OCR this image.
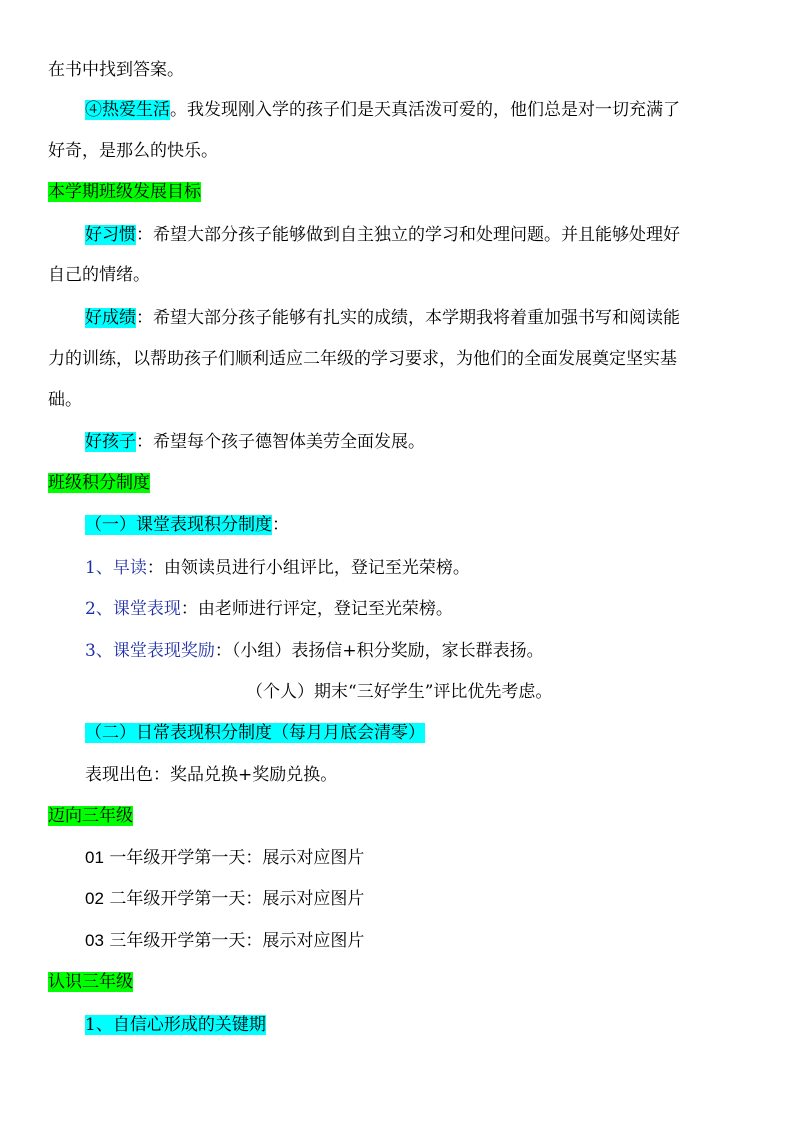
在书中找到答案。
④热爱生活。我发现刚入学的孩子们是天真活泼可爱的，他们总是对一切充满了
好奇，是那么的快乐。
本学期班级发展目标
好习惯：希望大部分孩子能够做到自主独立的学习和处理问题。并且能够处理好
自己的情绪。
好成绩：希望大部分孩子能够有扎实的成绩，本学期我将着重加强书写和阅读能
力的训练，以帮助孩子们顺利适应二年级的学习要求，为他们的全面发展奠定坚实基
础。
好孩子：希望每个孩子德智体美劳全面发展。
班级积分制度
（一）课堂表现积分制度：
1、早读：由领读员进行小组评比，登记至光荣榜。
2、课堂表现：由老师进行评定，登记至光荣榜。
3、课堂表现奖励：（小组）表扬信+积分奖励，家长群表扬。
（个人）期末“三好学生”评比优先考虑。
（二）日常表现积分制度（每月月底会清零）
表现出色：奖品兑换+奖励兑换。
迈向三年级
01 一年级开学第一天：展示对应图片
02 二年级开学第一天：展示对应图片
03 三年级开学第一天：展示对应图片
认识三年级
1、自信心形成的关键期
